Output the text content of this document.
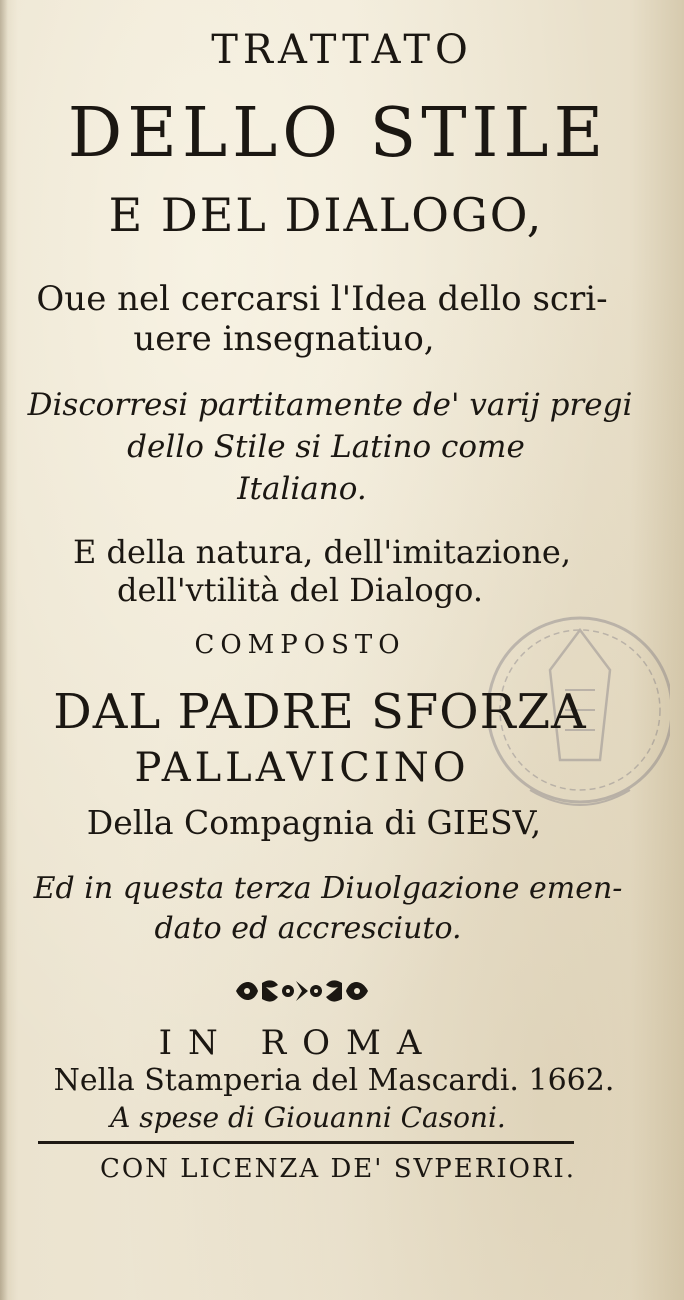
TRATTATO
DELLO STILE
E DEL DIALOGO,
Oue nel cercarsi l'Idea dello scri-
uere insegnatiuo,
Discorresi partitamente de' varij pregi
dello Stile si Latino come
Italiano.
E della natura, dell'imitazione,
dell'vtilità del Dialogo.
COMPOSTO
DAL PADRE SFORZA
PALLAVICINO
Della Compagnia di GIESV,
Ed in questa terza Diuolgazione emen-
dato ed accresciuto.
IN ROMA
Nella Stamperia del Mascardi. 1662.
A spese di Giouanni Casoni.
CON LICENZA DE' SVPERIORI.
